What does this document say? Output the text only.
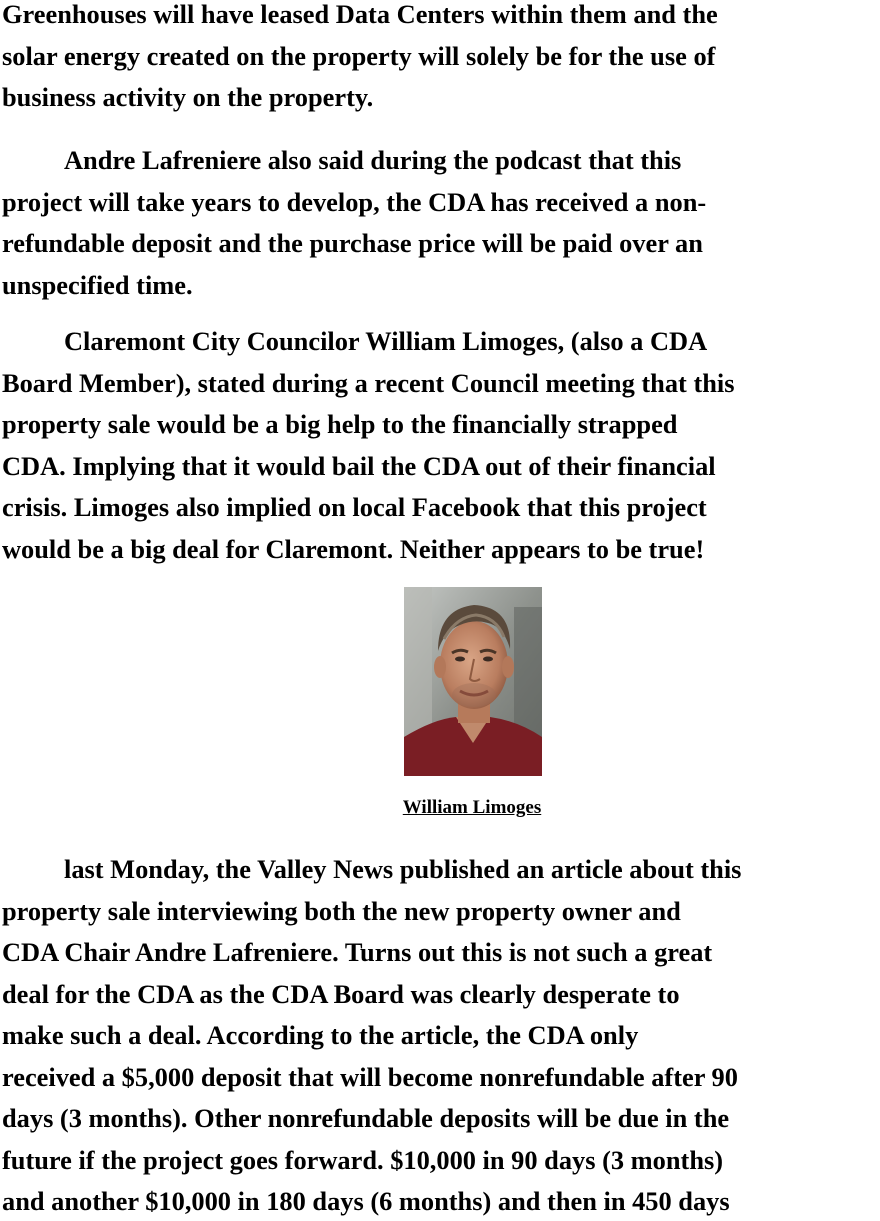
Greenhouses will have leased Data Centers within them and the
solar energy created on the property will solely be for the use of
business activity on the property.
Andre Lafreniere also said during the podcast that this
project will take years to develop, the CDA has received a non-
refundable deposit and the purchase price will be paid over an
unspecified time.
Claremont City Councilor William Limoges, (also a CDA
Board Member), stated during a recent Council meeting that this
property sale would be a big help to the financially strapped
CDA. Implying that it would bail the CDA out of their financial
crisis. Limoges also implied on local Facebook that this project
would be a big deal for Claremont. Neither appears to be true!
William Limoges
last Monday, the Valley News published an article about this
property sale interviewing both the new property owner and
CDA Chair Andre Lafreniere. Turns out this is not such a great
deal for the CDA as the CDA Board was clearly desperate to
make such a deal. According to the article, the CDA only
received a $5,000 deposit that will become nonrefundable after 90
days (3 months). Other nonrefundable deposits will be due in the
future if the project goes forward. $10,000 in 90 days (3 months)
and another $10,000 in 180 days (6 months) and then in 450 days
